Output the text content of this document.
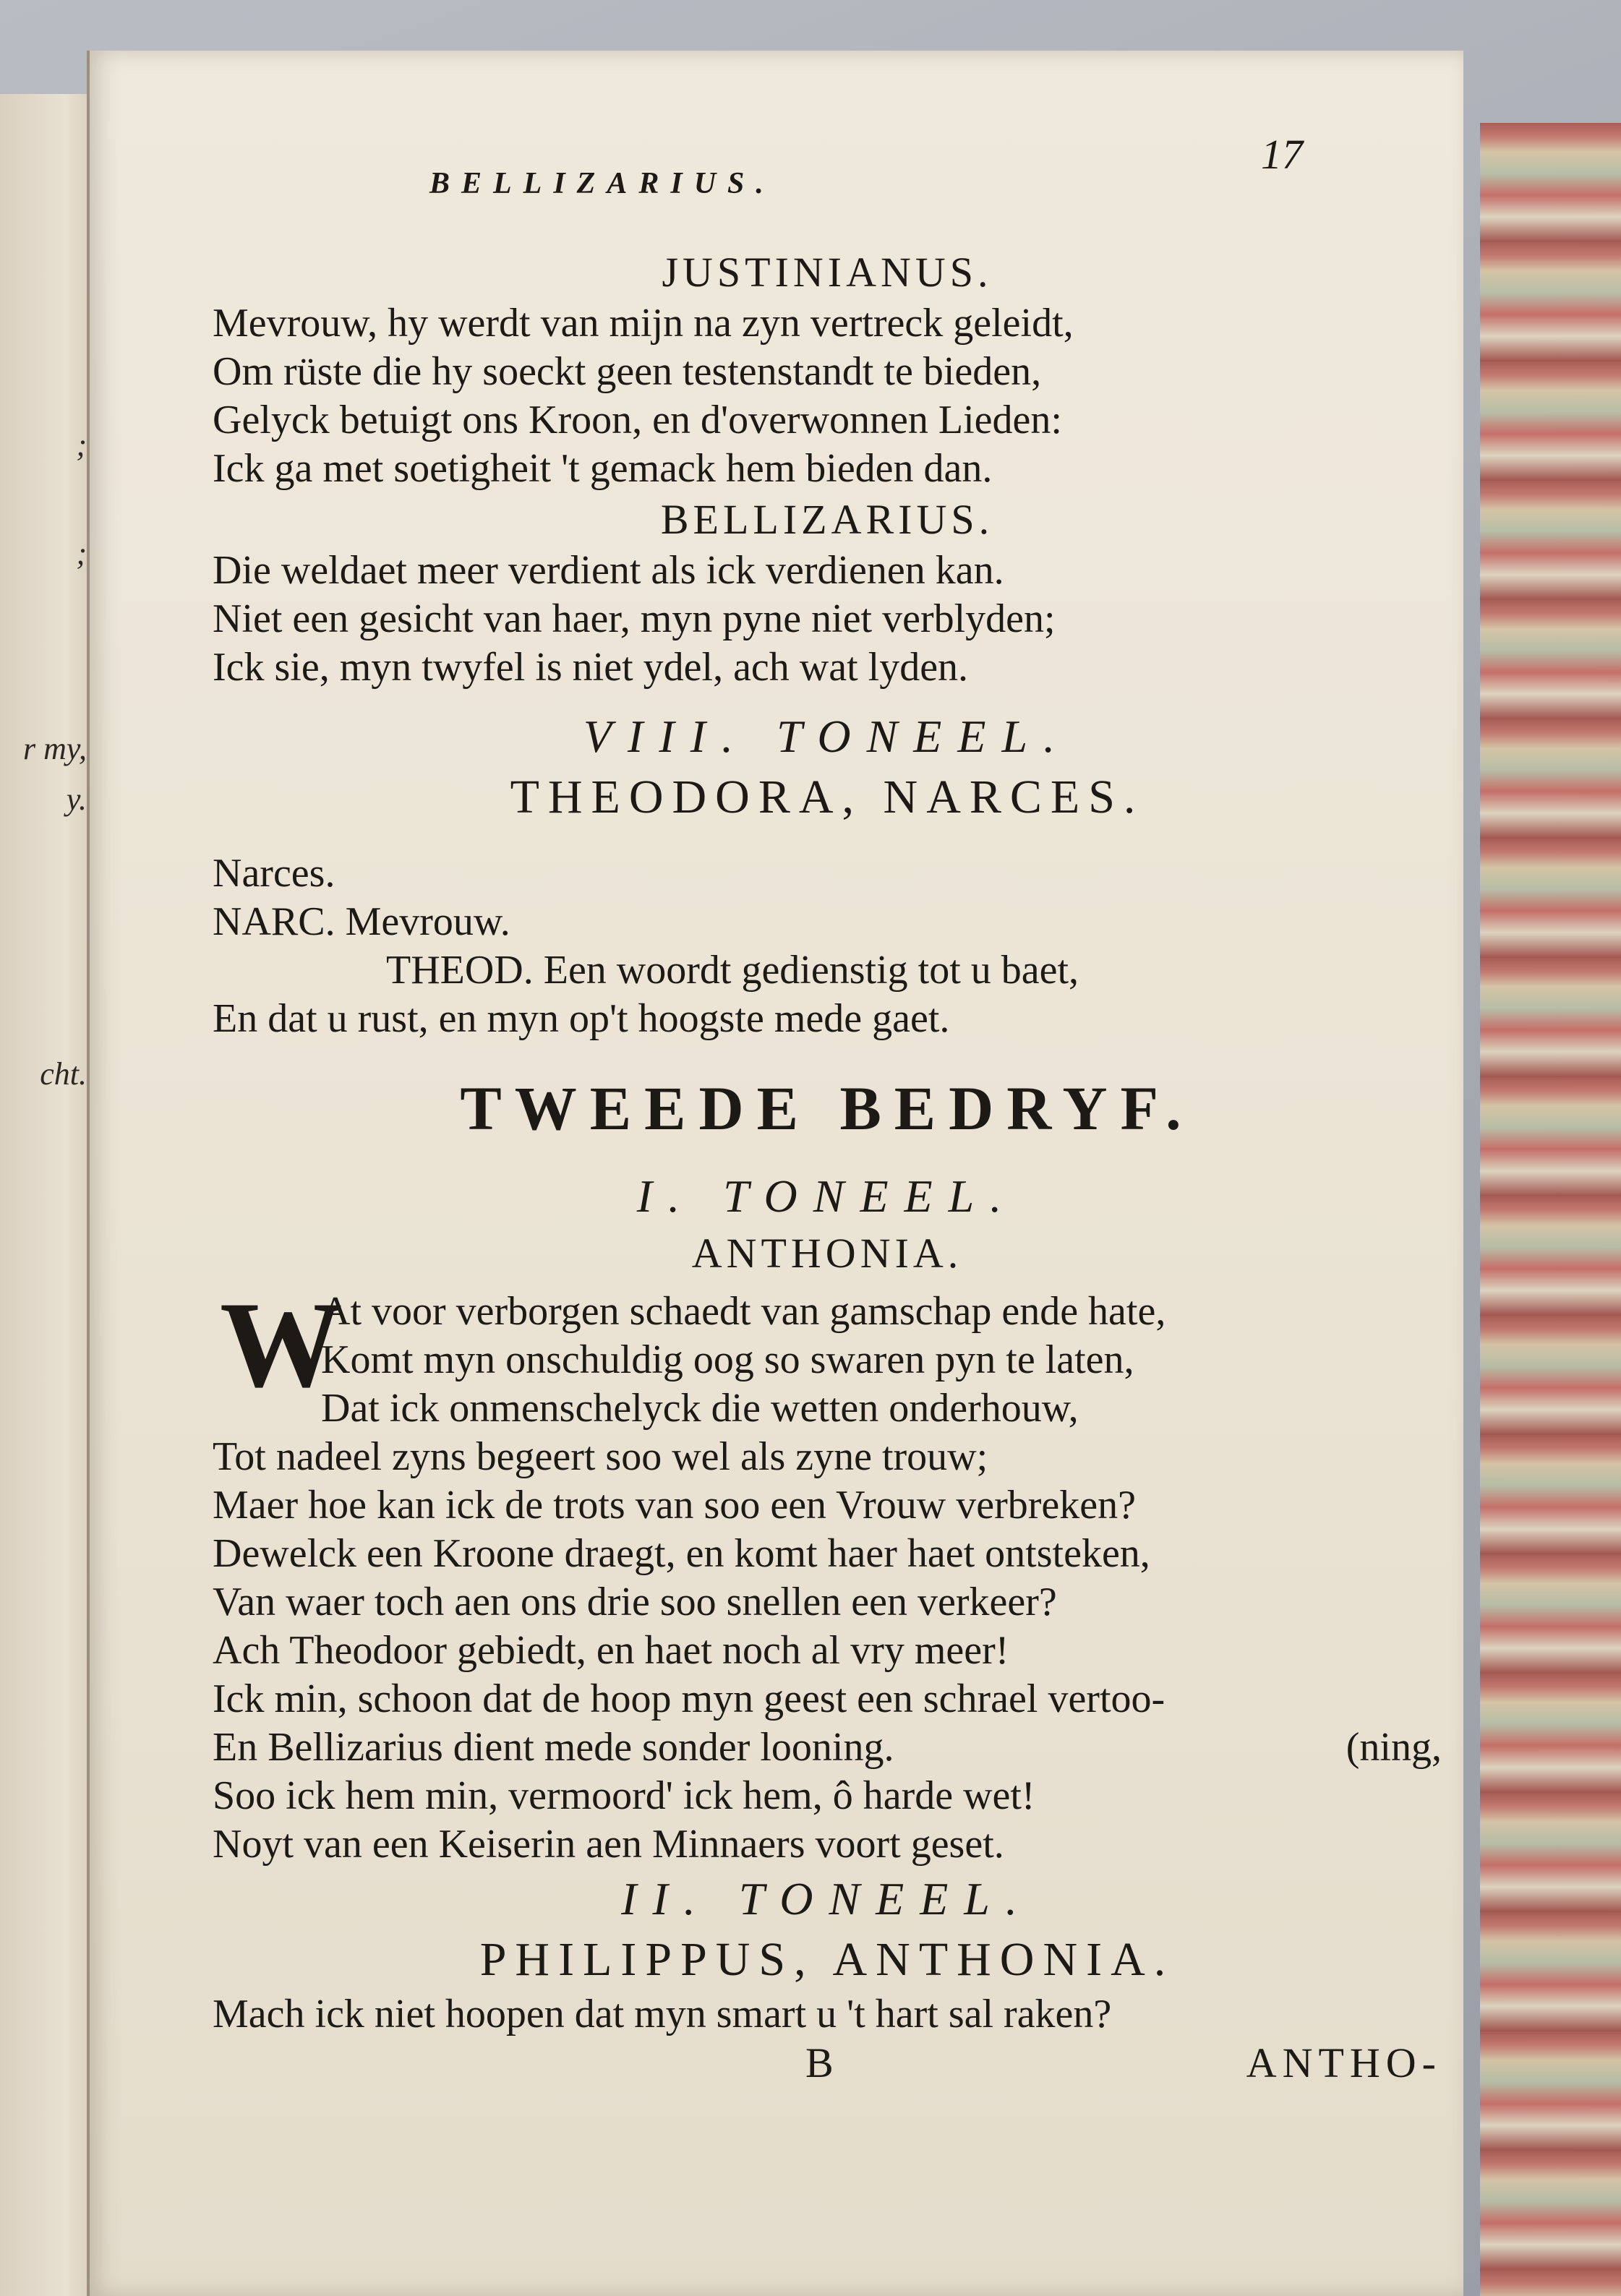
;
;
r my,
y.
cht.
BELLIZARIUS.
17
JUSTINIANUS.
Mevrouw, hy werdt van mijn na zyn vertreck geleidt,
Om rüste die hy soeckt geen testenstandt te bieden,
Gelyck betuigt ons Kroon, en d'overwonnen Lieden:
Ick ga met soetigheit 't gemack hem bieden dan.
BELLIZARIUS.
Die weldaet meer verdient als ick verdienen kan.
Niet een gesicht van haer, myn pyne niet verblyden;
Ick sie, myn twyfel is niet ydel, ach wat lyden.
VIII. TONEEL.
THEODORA, NARCES.
Narces.
NARC. Mevrouw.
THEOD. Een woordt gedienstig tot u baet,
En dat u rust, en myn op't hoogste mede gaet.
TWEEDE BEDRYF.
I. TONEEL.
ANTHONIA.
W
At voor verborgen schaedt van gamschap ende hate,
Komt myn onschuldig oog so swaren pyn te laten,
Dat ick onmenschelyck die wetten onderhouw,
Tot nadeel zyns begeert soo wel als zyne trouw;
Maer hoe kan ick de trots van soo een Vrouw verbreken?
Dewelck een Kroone draegt, en komt haer haet ontsteken,
Van waer toch aen ons drie soo snellen een verkeer?
Ach Theodoor gebiedt, en haet noch al vry meer!
Ick min, schoon dat de hoop myn geest een schrael vertoo-
En Bellizarius dient mede sonder looning.	(ning,
Soo ick hem min, vermoord' ick hem, ô harde wet!
Noyt van een Keiserin aen Minnaers voort geset.
II. TONEEL.
PHILIPPUS, ANTHONIA.
Mach ick niet hoopen dat myn smart u 't hart sal raken?
B	ANTHO-
